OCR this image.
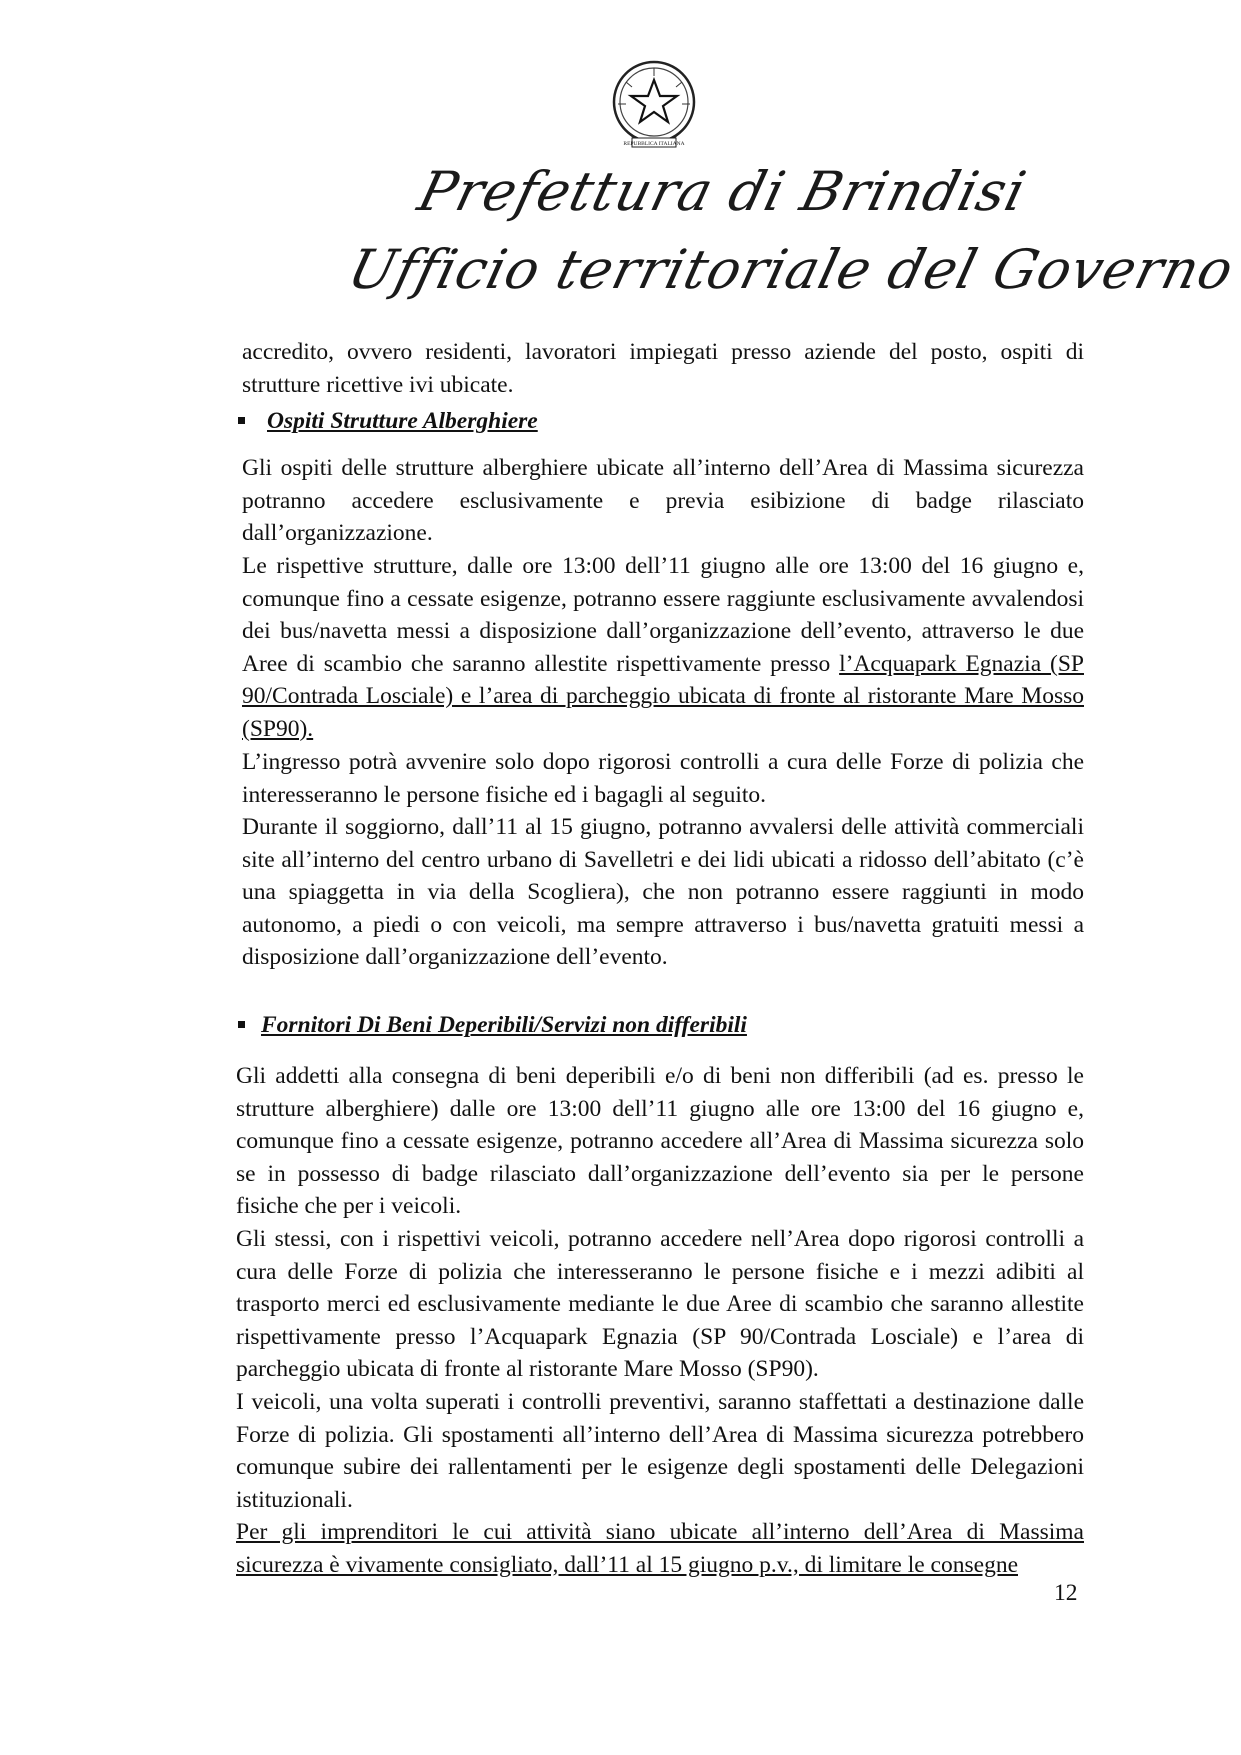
REPUBBLICA ITALIANA
Prefettura di Brindisi
Ufficio territoriale del Governo

accredito, ovvero residenti, lavoratori impiegati presso aziende del posto, ospiti di strutture ricettive ivi ubicate.

Ospiti Strutture Alberghiere

Gli ospiti delle strutture alberghiere ubicate all’interno dell’Area di Massima sicurezza potranno accedere esclusivamente e previa esibizione di badge rilasciato dall’organizzazione.

Le rispettive strutture, dalle ore 13:00 dell’11 giugno alle ore 13:00 del 16 giugno e, comunque fino a cessate esigenze, potranno essere raggiunte esclusivamente avvalendosi dei bus/navetta messi a disposizione dall’organizzazione dell’evento, attraverso le due Aree di scambio che saranno allestite rispettivamente presso l’Acquapark Egnazia (SP 90/Contrada Losciale) e l’area di parcheggio ubicata di fronte al ristorante Mare Mosso (SP90).

L’ingresso potrà avvenire solo dopo rigorosi controlli a cura delle Forze di polizia che interesseranno le persone fisiche ed i bagagli al seguito.

Durante il soggiorno, dall’11 al 15 giugno, potranno avvalersi delle attività commerciali site all’interno del centro urbano di Savelletri e dei lidi ubicati a ridosso dell’abitato (c’è una spiaggetta in via della Scogliera), che non potranno essere raggiunti in modo autonomo, a piedi o con veicoli, ma sempre attraverso i bus/navetta gratuiti messi a disposizione dall’organizzazione dell’evento.

Fornitori Di Beni Deperibili/Servizi non differibili

Gli addetti alla consegna di beni deperibili e/o di beni non differibili (ad es. presso le strutture alberghiere) dalle ore 13:00 dell’11 giugno alle ore 13:00 del 16 giugno e, comunque fino a cessate esigenze, potranno accedere all’Area di Massima sicurezza solo se in possesso di badge rilasciato dall’organizzazione dell’evento sia per le persone fisiche che per i veicoli.

Gli stessi, con i rispettivi veicoli, potranno accedere nell’Area dopo rigorosi controlli a cura delle Forze di polizia che interesseranno le persone fisiche e i mezzi adibiti al trasporto merci ed esclusivamente mediante le due Aree di scambio che saranno allestite rispettivamente presso l’Acquapark Egnazia (SP 90/Contrada Losciale) e l’area di parcheggio ubicata di fronte al ristorante Mare Mosso (SP90).

I veicoli, una volta superati i controlli preventivi, saranno staffettati a destinazione dalle Forze di polizia. Gli spostamenti all’interno dell’Area di Massima sicurezza potrebbero comunque subire dei rallentamenti per le esigenze degli spostamenti delle Delegazioni istituzionali.

Per gli imprenditori le cui attività siano ubicate all’interno dell’Area di Massima sicurezza è vivamente consigliato, dall’11 al 15 giugno p.v., di limitare le consegne

12
